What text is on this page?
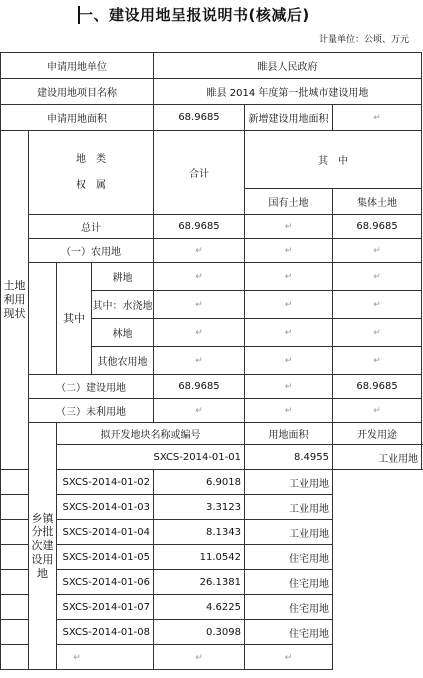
一、建设用地呈报说明书(核减后)
计量单位：公顷、万元
申请用地单位				睢县人民政府		
建设用地项目名称				睢县 2014 年度第一批城市建设用地		
申请用地面积				68.9685	新增建设用地面积	↵
土地利用现状	地　类
权　属			合计	其　中	
					国有土地	集体土地
	总计			68.9685	↵	68.9685
	（一）农用地			↵	↵	↵
		其中	耕地	↵	↵	↵
			其中：水浇地	↵	↵	↵
			林地	↵	↵	↵
			其他农用地	↵	↵	↵
	（二）建设用地			68.9685	↵	68.9685
	（三）未利用地			↵	↵	↵
	乡镇分批次建设用地	拟开发地块名称或编号			用地面积	开发用途
		SXCS-2014-01-01			8.4955	工业用地
SXCS-2014-01-02				6.9018	工业用地	
SXCS-2014-01-03				3.3123	工业用地	
SXCS-2014-01-04				8.1343	工业用地	
SXCS-2014-01-05				11.0542	住宅用地	
SXCS-2014-01-06				26.1381	住宅用地	
SXCS-2014-01-07				4.6225	住宅用地	
SXCS-2014-01-08				0.3098	住宅用地	
↵				↵	↵	
